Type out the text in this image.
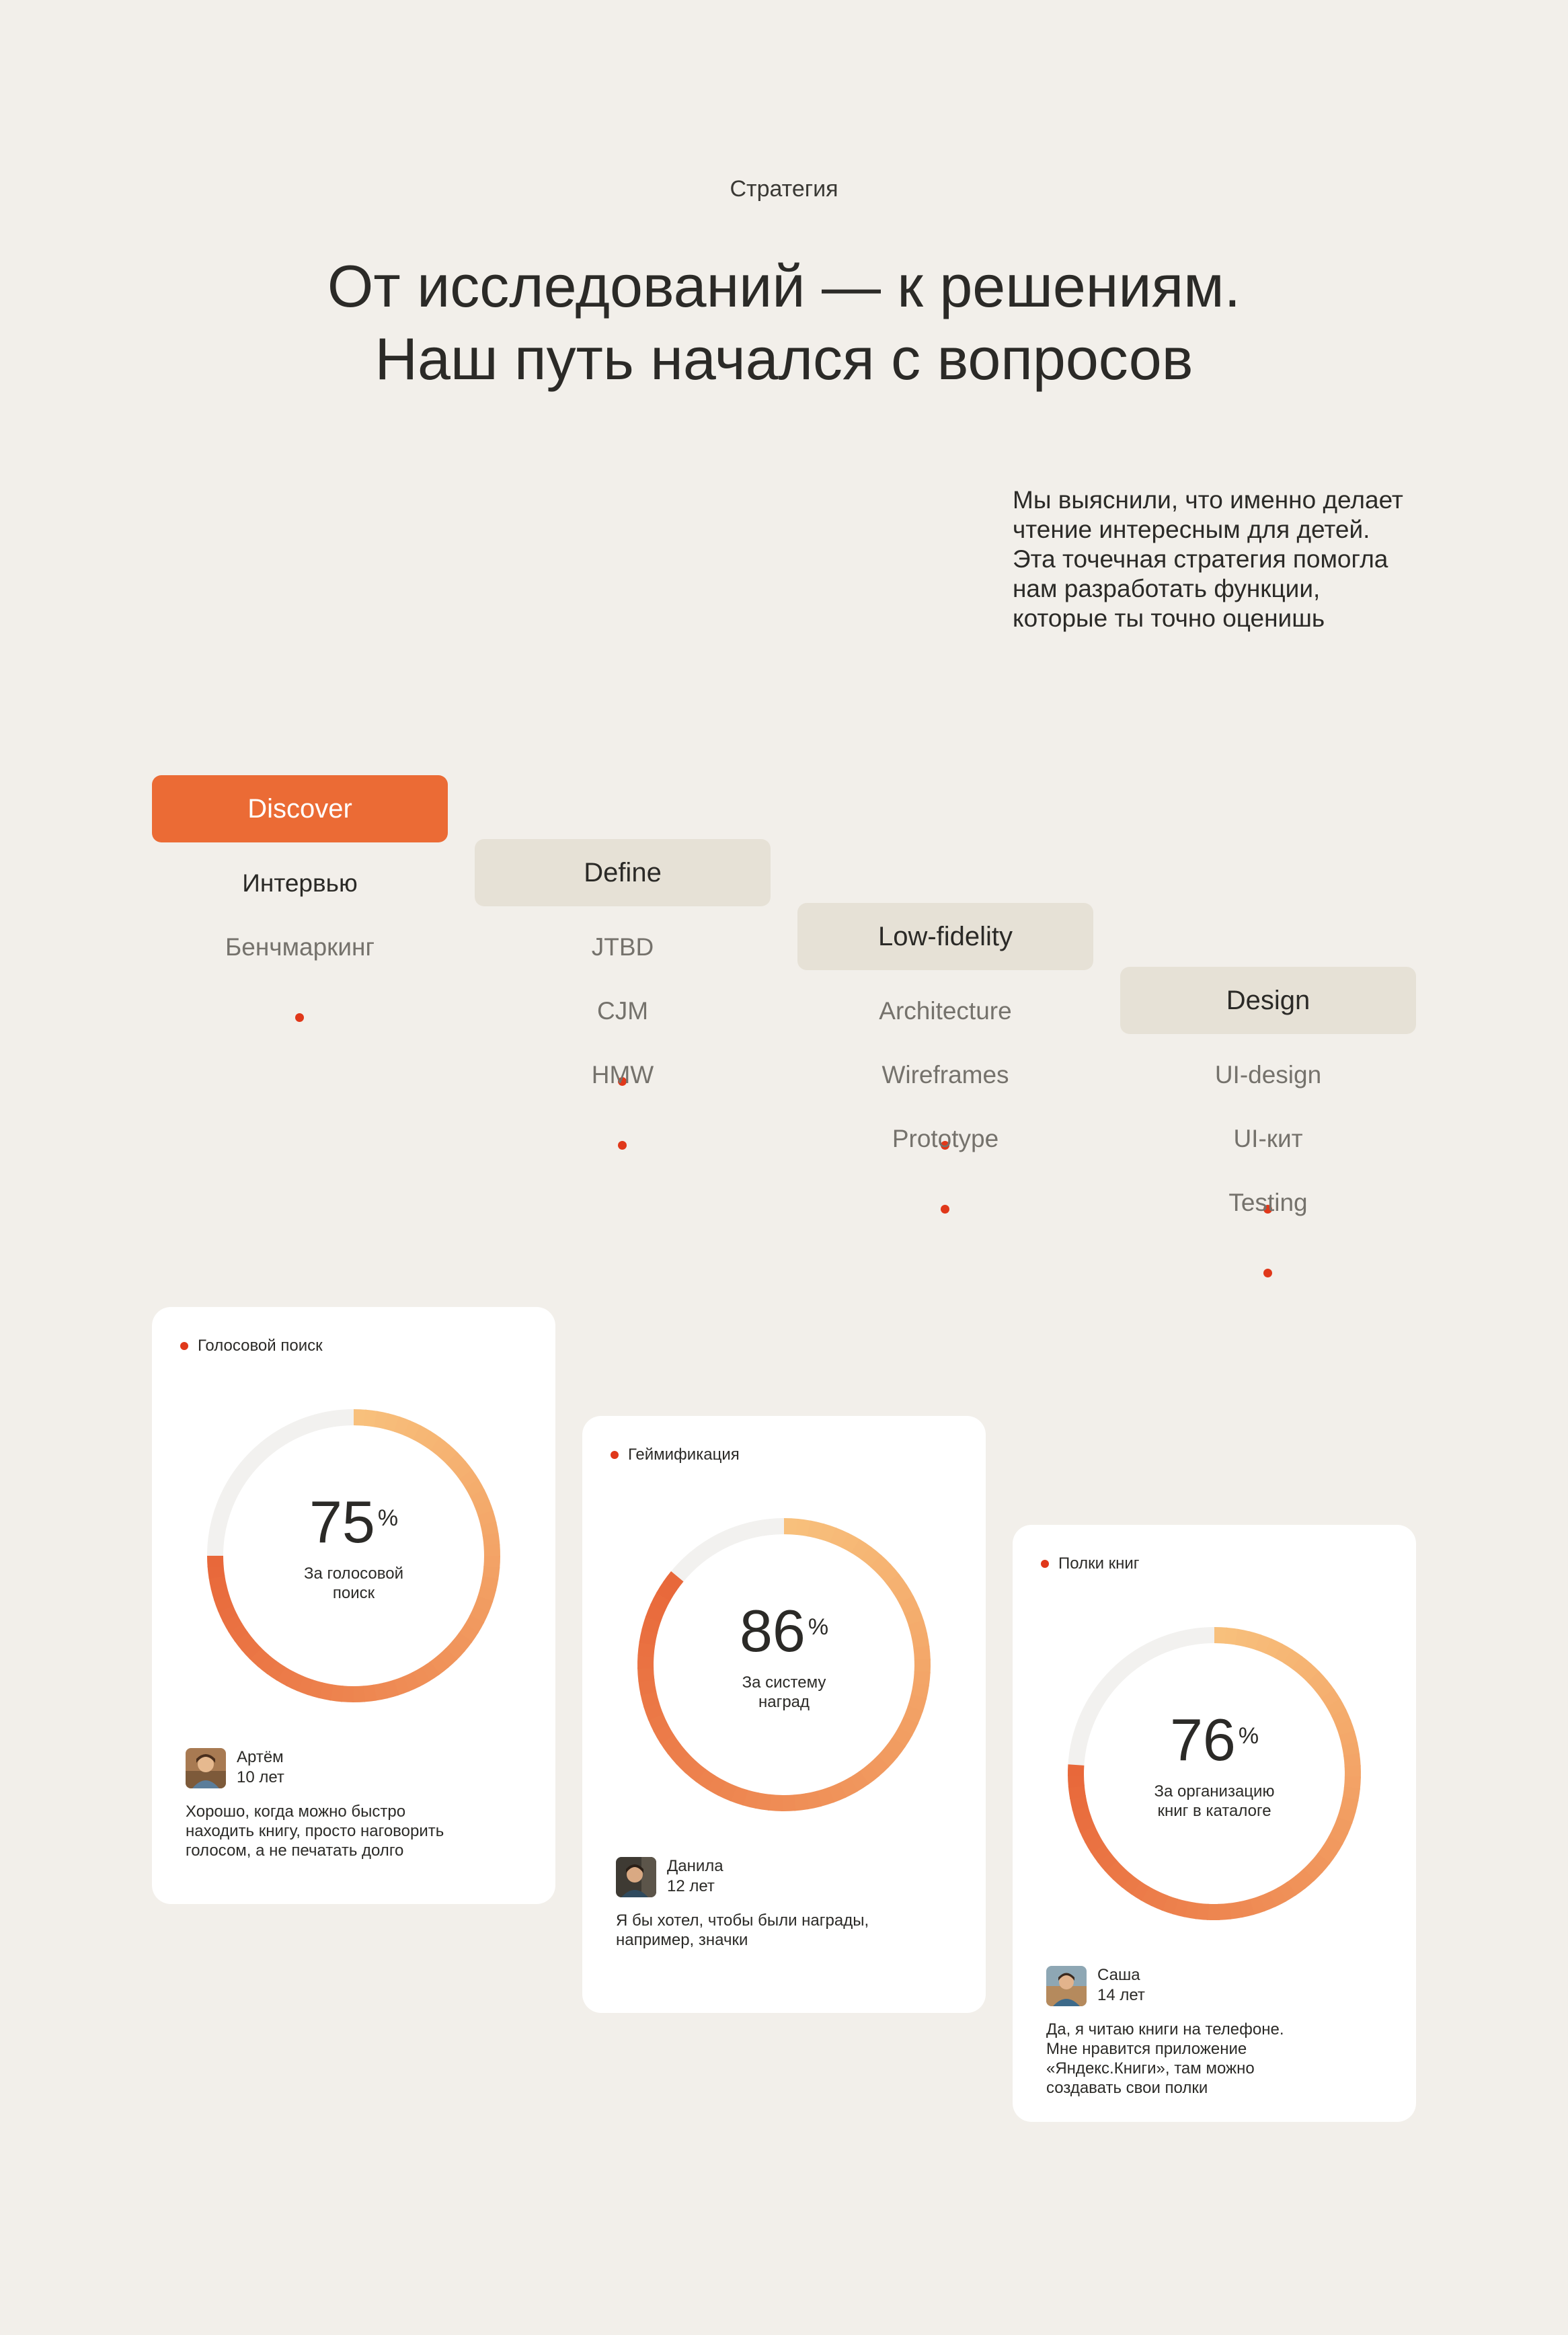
Стратегия
От исследований — к решениям.
Наш путь начался с вопросов
Мы выяснили, что именно делает
чтение интересным для детей.
Эта точечная стратегия помогла
нам разработать функции,
которые ты точно оценишь
Discover
Интервью
Бенчмаркинг
Define
JTBD
CJM
HMW
Low-fidelity
Architecture
Wireframes
Prototype
Design
UI-design
UI-кит
Testing
Голосовой поиск
75 %
За голосовой
поиск
Артём
10 лет
Хорошо, когда можно быстро
находить книгу, просто наговорить
голосом, а не печатать долго
Геймификация
86 %
За систему
наград
Данила
12 лет
Я бы хотел, чтобы были награды,
например, значки
Полки книг
76 %
За организацию
книг в каталоге
Саша
14 лет
Да, я читаю книги на телефоне.
Мне нравится приложение
«Яндекс.Книги», там можно
создавать свои полки
